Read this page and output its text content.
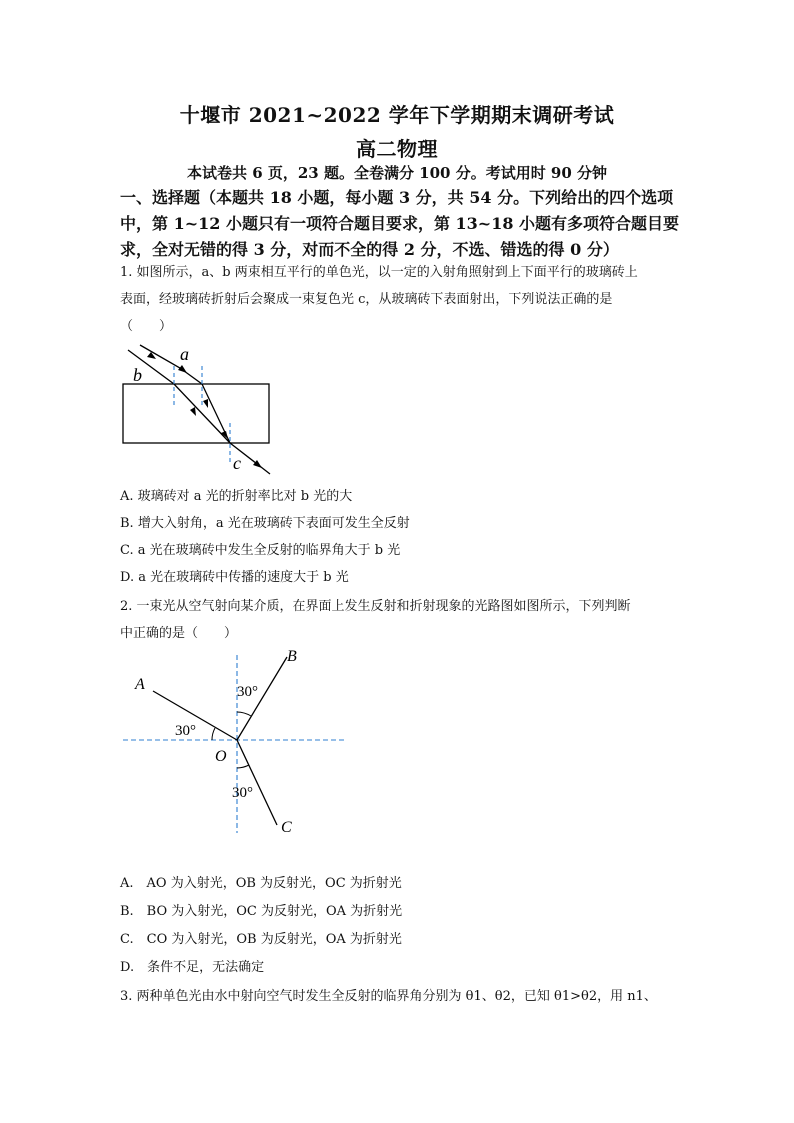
十堰市 2021~2022 学年下学期期末调研考试
高二物理
本试卷共 6 页，23 题。全卷满分 100 分。考试用时 90 分钟
一、选择题（本题共 18 小题，每小题 3 分，共 54 分。下列给出的四个选项
中，第 1~12 小题只有一项符合题目要求，第 13~18 小题有多项符合题目要
求，全对无错的得 3 分，对而不全的得 2 分，不选、错选的得 0 分）
1. 如图所示，a、b 两束相互平行的单色光，以一定的入射角照射到上下面平行的玻璃砖上
表面，经玻璃砖折射后会聚成一束复色光 c，从玻璃砖下表面射出，下列说法正确的是
（　　）
a
b
c
A. 玻璃砖对 a 光的折射率比对 b 光的大
B. 增大入射角，a 光在玻璃砖下表面可发生全反射
C. a 光在玻璃砖中发生全反射的临界角大于 b 光
D. a 光在玻璃砖中传播的速度大于 b 光
2. 一束光从空气射向某介质，在界面上发生反射和折射现象的光路图如图所示，下列判断
中正确的是（　　）
A
B
C
O
30°
30°
30°
A.　AO 为入射光，OB 为反射光，OC 为折射光
B.　BO 为入射光，OC 为反射光，OA 为折射光
C.　CO 为入射光，OB 为反射光，OA 为折射光
D.　条件不足，无法确定
3. 两种单色光由水中射向空气时发生全反射的临界角分别为 θ1、θ2，已知 θ1>θ2，用 n1、
